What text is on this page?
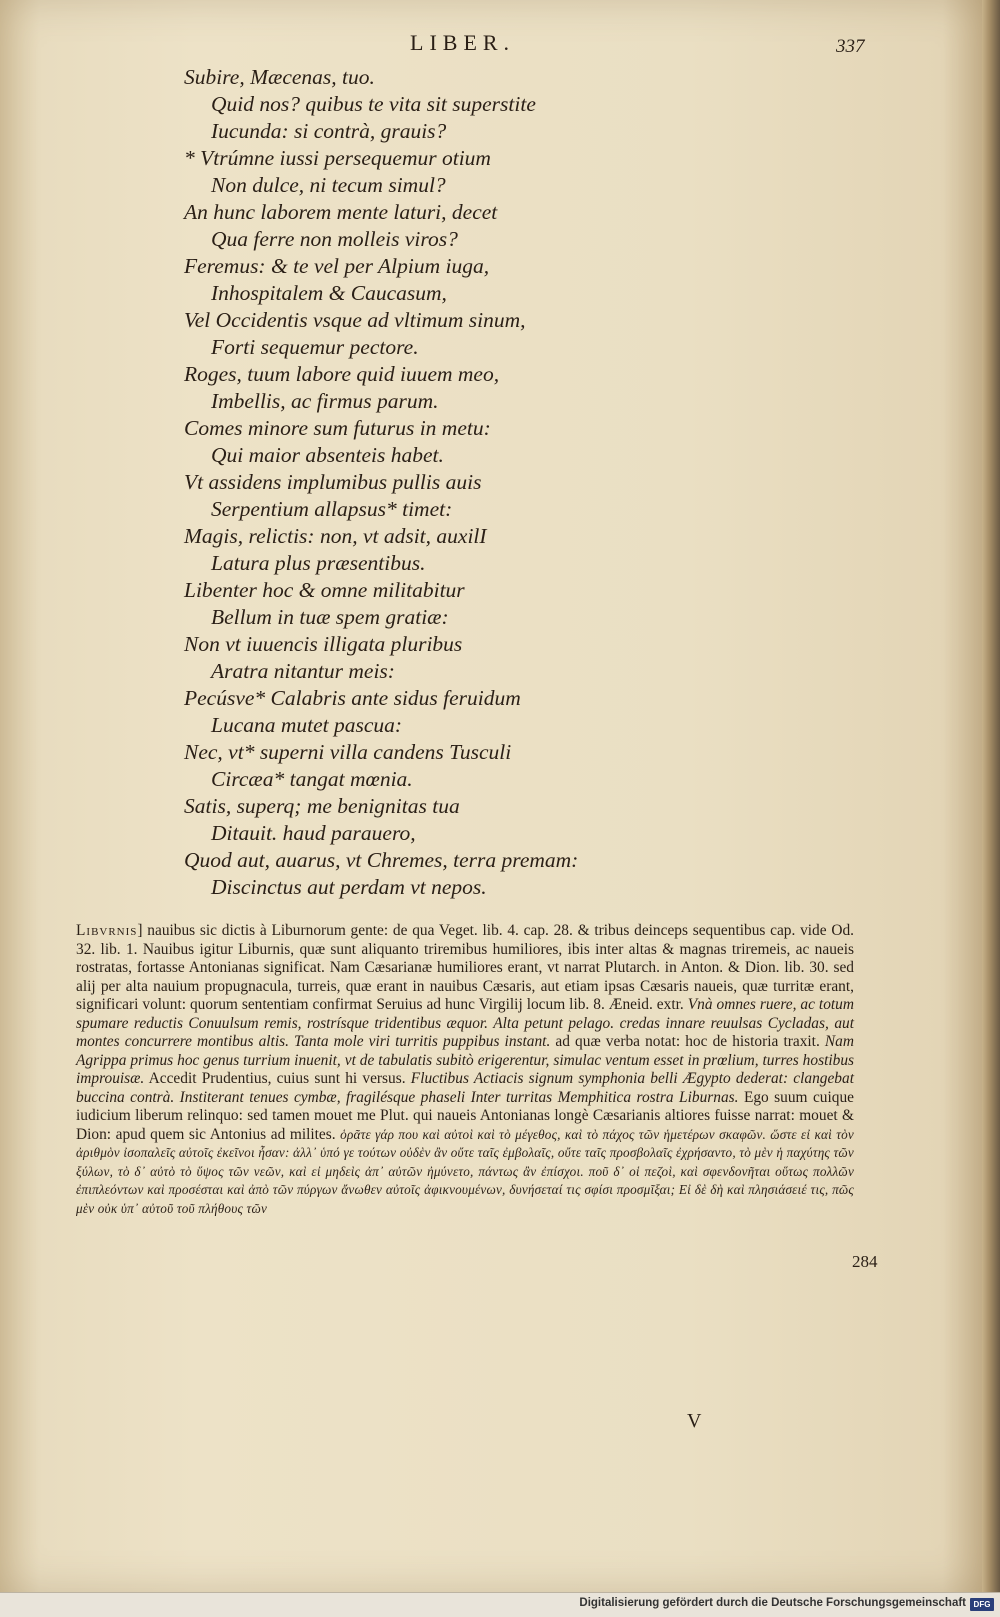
LIBER.	337
Subire, Mæcenas, tuo.
Quid nos? quibus te vita sit superstite
Iucunda: si contrà, grauis?
* Vtrúmne iussi persequemur otium
Non dulce, ni tecum simul?
An hunc laborem mente laturi, decet
Qua ferre non molleis viros?
Feremus: & te vel per Alpium iuga,
Inhospitalem & Caucasum,
Vel Occidentis vsque ad vltimum sinum,
Forti sequemur pectore.
Roges, tuum labore quid iuuem meo,
Imbellis, ac firmus parum.
Comes minore sum futurus in metu:
Qui maior absenteis habet.
Vt assidens implumibus pullis auis
Serpentium allapsus* timet:
Magis, relictis: non, vt adsit, auxilI
Latura plus præsentibus.
Libenter hoc & omne militabitur
Bellum in tuæ spem gratiæ:
Non vt iuuencis illigata pluribus
Aratra nitantur meis:
Pecúsve* Calabris ante sidus feruidum
Lucana mutet pascua:
Nec, vt* superni villa candens Tusculi
Circæa* tangat mœnia.
Satis, superq; me benignitas tua
Ditauit. haud parauero,
Quod aut, auarus, vt Chremes, terra premam:
Discinctus aut perdam vt nepos.
Libvrnis] nauibus sic dictis à Liburnorum gente: de qua Veget. lib. 4. cap. 28. & tribus deinceps sequentibus cap. vide Od. 32. lib. 1. Nauibus igitur Liburnis, quæ sunt aliquanto triremibus humiliores, ibis inter altas & magnas triremeis, ac naueis rostratas, fortasse Antonianas significat. Nam Cæsarianæ humiliores erant, vt narrat Plutarch. in Anton. & Dion. lib. 30. sed alij per alta nauium propugnacula, turreis, quæ erant in nauibus Cæsaris, aut etiam ipsas Cæsaris naueis, quæ turritæ erant, significari volunt: quorum sententiam confirmat Seruius ad hunc Virgilij locum lib. 8. Æneid. extr. Vnà omnes ruere, ac totum spumare reductis Conuulsum remis, rostrísque tridentibus æquor. Alta petunt pelago. credas innare reuulsas Cycladas, aut montes concurrere montibus altis. Tanta mole viri turritis puppibus instant. ad quæ verba notat: hoc de historia traxit. Nam Agrippa primus hoc genus turrium inuenit, vt de tabulatis subitò erigerentur, simulac ventum esset in prœlium, turres hostibus improuisæ. Accedit Prudentius, cuius sunt hi versus. Fluctibus Actiacis signum symphonia belli Ægypto dederat: clangebat buccina contrà. Institerant tenues cymbæ, fragilésque phaseli Inter turritas Memphitica rostra Liburnas. Ego suum cuique iudicium liberum relinquo: sed tamen mouet me Plut. qui naueis Antonianas longè Cæsarianis altiores fuisse narrat: mouet & Dion: apud quem sic Antonius ad milites. ὁρᾶτε γάρ που καὶ αὐτοὶ καὶ τὸ μέγεθος, καὶ τὸ πάχος τῶν ἡμετέρων σκαφῶν. ὥστε εἰ καὶ τὸν ἀριθμὸν ἰσοπαλεῖς αὐτοῖς ἐκεῖνοι ἦσαν: ἀλλ᾽ ὑπό γε τούτων οὐδὲν ἂν οὔτε ταῖς ἐμβολαῖς, οὔτε ταῖς προσβολαῖς ἐχρήσαντο, τὸ μὲν ἡ παχύτης τῶν ξύλων, τὸ δ᾽ αὐτὸ τὸ ὕψος τῶν νεῶν, καὶ εἰ μηδεὶς ἀπ᾽ αὐτῶν ἠμύνετο, πάντως ἂν ἐπίσχοι. ποῦ δ᾽ οἱ πεζοὶ, καὶ σφενδονῆται οὕτως πολλῶν ἐπιπλεόντων καὶ προσέσται καὶ ἀπὸ τῶν πύργων ἄνωθεν αὐτοῖς ἀφικνουμένων, δυνήσεταί τις σφίσι προσμῖξαι; Εἰ δὲ δὴ καὶ πλησιάσειέ τις, πῶς μὲν οὐκ ὑπ᾽ αὐτοῦ τοῦ πλήθους τῶν
284
V
Digitalisierung gefördert durch die Deutsche Forschungsgemeinschaft DFG
